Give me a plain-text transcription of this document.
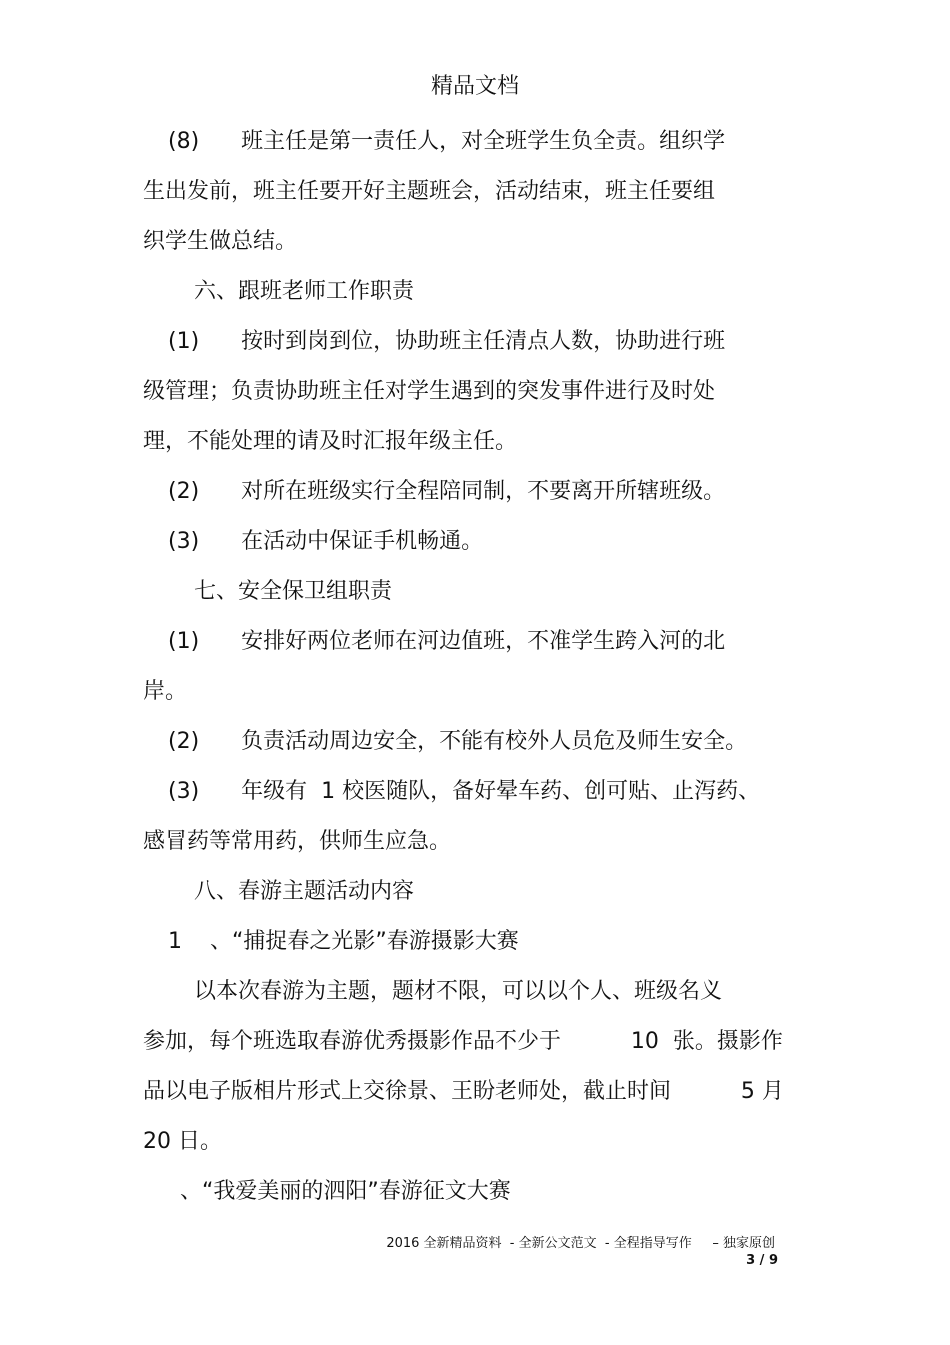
精品文档
(8)      班主任是第一责任人，对全班学生负全责。组织学
生出发前，班主任要开好主题班会，活动结束，班主任要组
织学生做总结。
六、跟班老师工作职责
(1)      按时到岗到位，协助班主任清点人数，协助进行班
级管理；负责协助班主任对学生遇到的突发事件进行及时处
理，不能处理的请及时汇报年级主任。
(2)      对所在班级实行全程陪同制，不要离开所辖班级。
(3)      在活动中保证手机畅通。
七、安全保卫组职责
(1)      安排好两位老师在河边值班，不准学生跨入河的北
岸。
(2)      负责活动周边安全，不能有校外人员危及师生安全。
(3)      年级有  1 校医随队，备好晕车药、创可贴、止泻药、
感冒药等常用药，供师生应急。
八、春游主题活动内容
1    、“捕捉春之光影”春游摄影大赛
以本次春游为主题，题材不限，可以以个人、班级名义
参加，每个班选取春游优秀摄影作品不少于          10  张。摄影作
品以电子版相片形式上交徐景、王盼老师处，截止时间          5 月
20 日。
、“我爱美丽的泗阳”春游征文大赛
2016 全新精品资料  - 全新公文范文  - 全程指导写作     – 独家原创
3 / 9
